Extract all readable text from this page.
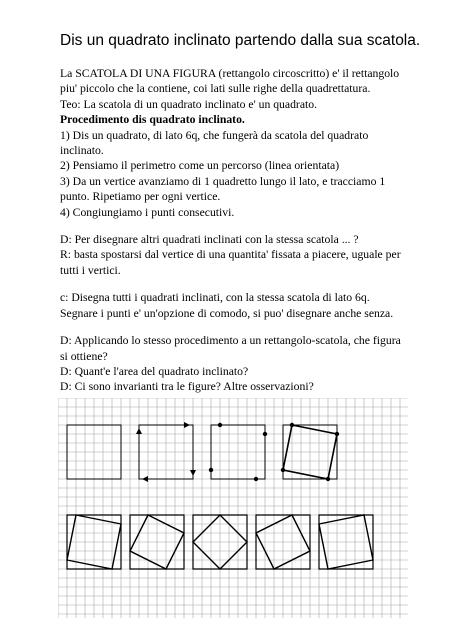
Dis un quadrato inclinato partendo dalla sua scatola.
La SCATOLA DI UNA FIGURA (rettangolo circoscritto) e' il rettangolo piu' piccolo che la contiene, coi lati sulle righe della quadrettatura.
Teo: La scatola di un quadrato inclinato e' un quadrato.
Procedimento dis quadrato inclinato.
1) Dis un quadrato, di lato 6q, che fungerà da scatola del quadrato inclinato.
2) Pensiamo il perimetro come un percorso (linea orientata)
3) Da un vertice avanziamo di 1 quadretto lungo il lato, e tracciamo 1 punto. Ripetiamo per ogni vertice.
4) Congiungiamo i punti consecutivi.
D: Per disegnare altri quadrati inclinati con la stessa scatola ... ?
R: basta spostarsi dal vertice di una quantita' fissata a piacere, uguale per tutti i vertici.
c: Disegna tutti i quadrati inclinati, con la stessa scatola di lato 6q. Segnare i punti e' un'opzione di comodo, si puo' disegnare anche senza.
D: Applicando lo stesso procedimento a un rettangolo-scatola, che figura si ottiene?
D: Quant'e l'area del quadrato inclinato?
D: Ci sono invarianti tra le figure? Altre osservazioni?
